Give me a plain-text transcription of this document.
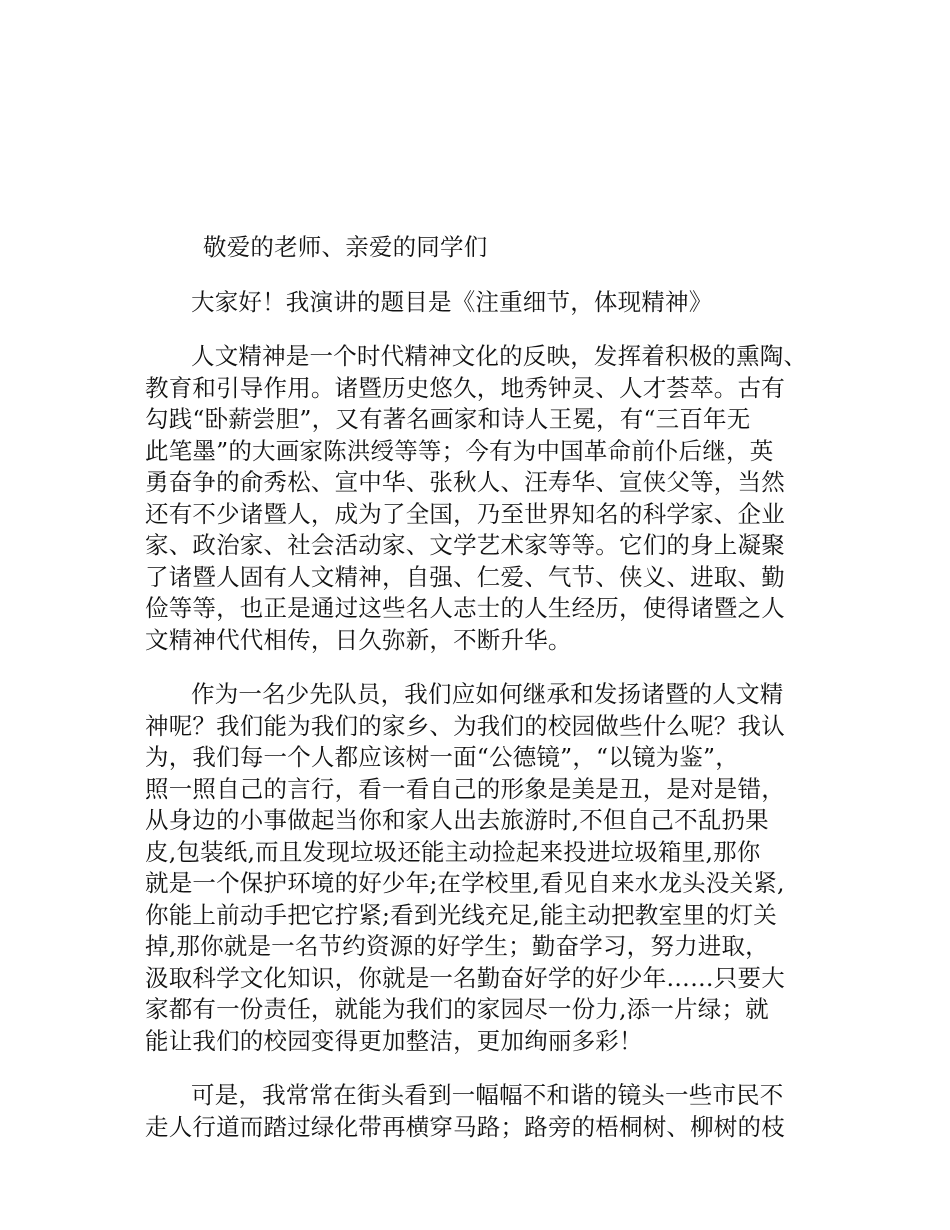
敬爱的老师、亲爱的同学们
大家好！我演讲的题目是《注重细节，体现精神》
人文精神是一个时代精神文化的反映，发挥着积极的熏陶、
教育和引导作用。诸暨历史悠久，地秀钟灵、人才荟萃。古有
勾践“卧薪尝胆”，又有著名画家和诗人王冕，有“三百年无
此笔墨”的大画家陈洪绶等等；今有为中国革命前仆后继，英
勇奋争的俞秀松、宣中华、张秋人、汪寿华、宣侠父等，当然
还有不少诸暨人，成为了全国，乃至世界知名的科学家、企业
家、政治家、社会活动家、文学艺术家等等。它们的身上凝聚
了诸暨人固有人文精神，自强、仁爱、气节、侠义、进取、勤
俭等等，也正是通过这些名人志士的人生经历，使得诸暨之人
文精神代代相传，日久弥新，不断升华。
作为一名少先队员，我们应如何继承和发扬诸暨的人文精
神呢？我们能为我们的家乡、为我们的校园做些什么呢？我认
为，我们每一个人都应该树一面“公德镜”，“以镜为鉴”，
照一照自己的言行，看一看自己的形象是美是丑，是对是错，
从身边的小事做起当你和家人出去旅游时,不但自己不乱扔果
皮,包装纸,而且发现垃圾还能主动捡起来投进垃圾箱里,那你
就是一个保护环境的好少年;在学校里,看见自来水龙头没关紧,
你能上前动手把它拧紧;看到光线充足,能主动把教室里的灯关
掉,那你就是一名节约资源的好学生；勤奋学习，努力进取，
汲取科学文化知识，你就是一名勤奋好学的好少年……只要大
家都有一份责任，就能为我们的家园尽一份力,添一片绿；就
能让我们的校园变得更加整洁，更加绚丽多彩！
可是，我常常在街头看到一幅幅不和谐的镜头一些市民不
走人行道而踏过绿化带再横穿马路；路旁的梧桐树、柳树的枝
